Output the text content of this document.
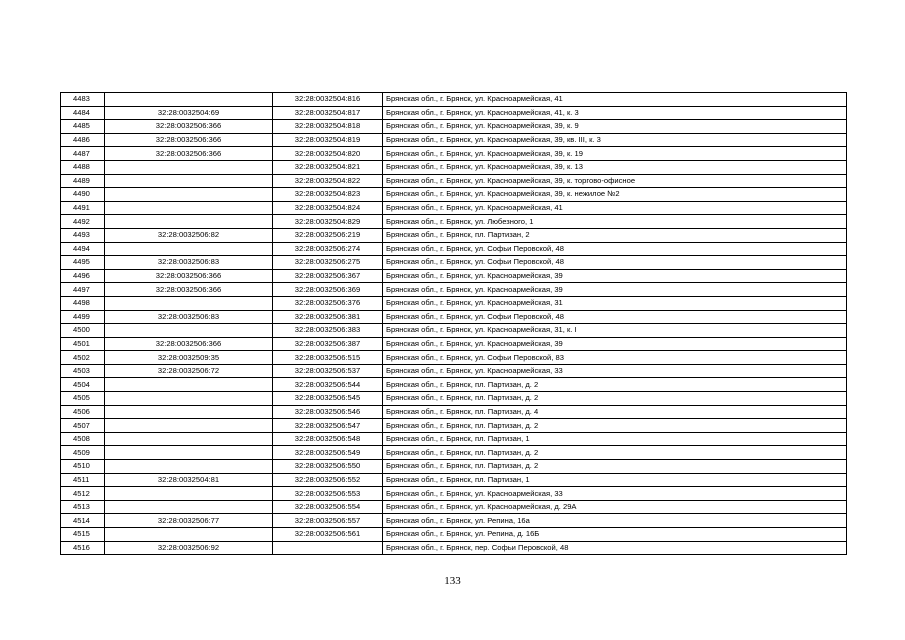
4483		32:28:0032504:816	Брянская обл., г. Брянск, ул. Красноармейская, 41
4484	32:28:0032504:69	32:28:0032504:817	Брянская обл., г. Брянск, ул. Красноармейская, 41, к. 3
4485	32:28:0032506:366	32:28:0032504:818	Брянская обл., г. Брянск, ул. Красноармейская, 39, к. 9
4486	32:28:0032506:366	32:28:0032504:819	Брянская обл., г. Брянск, ул. Красноармейская, 39, кв. III, к. 3
4487	32:28:0032506:366	32:28:0032504:820	Брянская обл., г. Брянск, ул. Красноармейская, 39, к. 19
4488		32:28:0032504:821	Брянская обл., г. Брянск, ул. Красноармейская, 39, к. 13
4489		32:28:0032504:822	Брянская обл., г. Брянск, ул. Красноармейская, 39, к. торгово-офисное
4490		32:28:0032504:823	Брянская обл., г. Брянск, ул. Красноармейская, 39, к. нежилое №2
4491		32:28:0032504:824	Брянская обл., г. Брянск, ул. Красноармейская, 41
4492		32:28:0032504:829	Брянская обл., г. Брянск, ул. Любезного, 1
4493	32:28:0032506:82	32:28:0032506:219	Брянская обл., г. Брянск, пл. Партизан, 2
4494		32:28:0032506:274	Брянская обл., г. Брянск, ул. Софьи Перовской, 48
4495	32:28:0032506:83	32:28:0032506:275	Брянская обл., г. Брянск, ул. Софьи Перовской, 48
4496	32:28:0032506:366	32:28:0032506:367	Брянская обл., г. Брянск, ул. Красноармейская, 39
4497	32:28:0032506:366	32:28:0032506:369	Брянская обл., г. Брянск, ул. Красноармейская, 39
4498		32:28:0032506:376	Брянская обл., г. Брянск, ул. Красноармейская, 31
4499	32:28:0032506:83	32:28:0032506:381	Брянская обл., г. Брянск, ул. Софьи Перовской, 48
4500		32:28:0032506:383	Брянская обл., г. Брянск, ул. Красноармейская, 31, к. I
4501	32:28:0032506:366	32:28:0032506:387	Брянская обл., г. Брянск, ул. Красноармейская, 39
4502	32:28:0032509:35	32:28:0032506:515	Брянская обл., г. Брянск, ул. Софьи Перовской, 83
4503	32:28:0032506:72	32:28:0032506:537	Брянская обл., г. Брянск, ул. Красноармейская, 33
4504		32:28:0032506:544	Брянская обл., г. Брянск, пл. Партизан, д. 2
4505		32:28:0032506:545	Брянская обл., г. Брянск, пл. Партизан, д. 2
4506		32:28:0032506:546	Брянская обл., г. Брянск, пл. Партизан, д. 4
4507		32:28:0032506:547	Брянская обл., г. Брянск, пл. Партизан, д. 2
4508		32:28:0032506:548	Брянская обл., г. Брянск, пл. Партизан, 1
4509		32:28:0032506:549	Брянская обл., г. Брянск, пл. Партизан, д. 2
4510		32:28:0032506:550	Брянская обл., г. Брянск, пл. Партизан, д. 2
4511	32:28:0032504:81	32:28:0032506:552	Брянская обл., г. Брянск, пл. Партизан, 1
4512		32:28:0032506:553	Брянская обл., г. Брянск, ул. Красноармейская, 33
4513		32:28:0032506:554	Брянская обл., г. Брянск, ул. Красноармейская, д. 29А
4514	32:28:0032506:77	32:28:0032506:557	Брянская обл., г. Брянск, ул. Репина, 16а
4515		32:28:0032506:561	Брянская обл., г. Брянск, ул. Репина, д. 16Б
4516	32:28:0032506:92		Брянская обл., г. Брянск, пер. Софьи Перовской, 48
133
